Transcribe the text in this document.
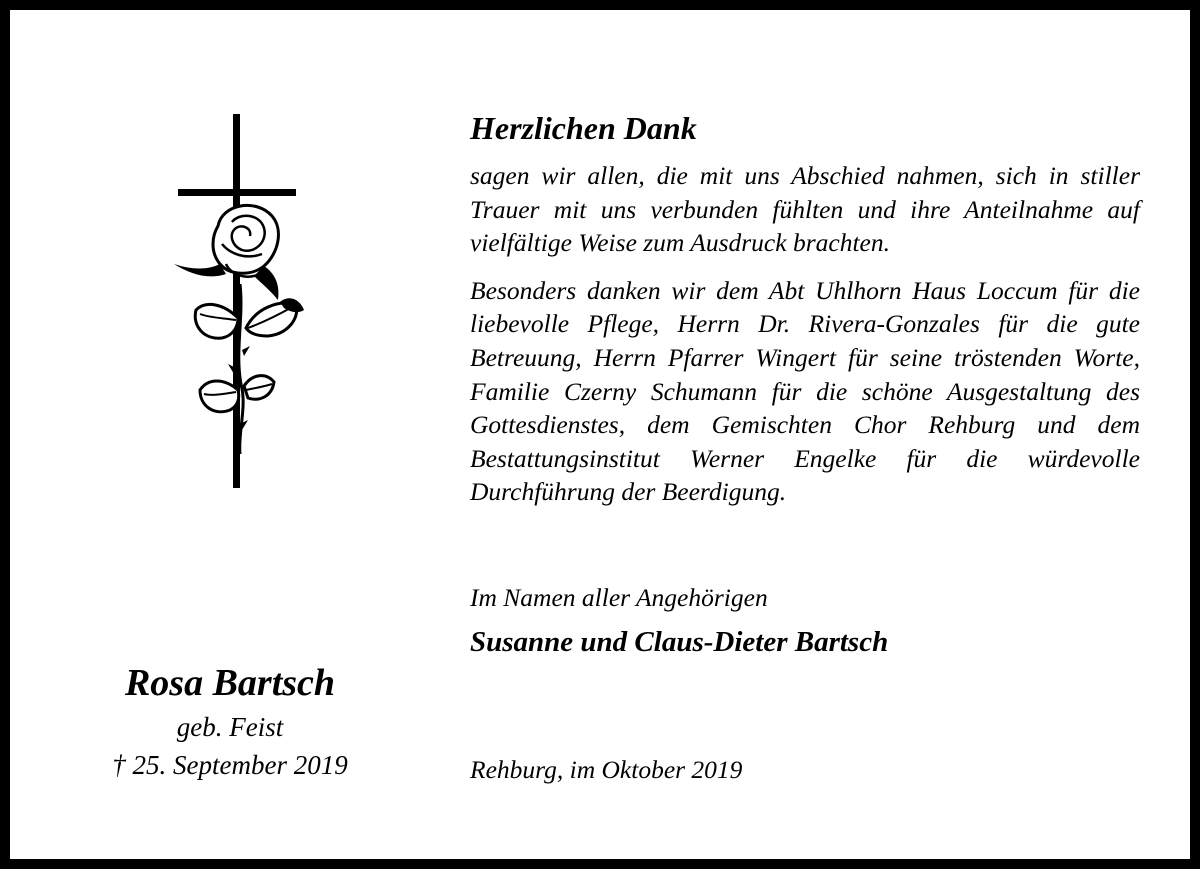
Rosa Bartsch

geb. Feist

† 25. September 2019

Herzlichen Dank

sagen wir allen, die mit uns Abschied nahmen, sich in stiller Trauer mit uns verbunden fühlten und ihre Anteilnahme auf vielfältige Weise zum Ausdruck brachten.

Besonders danken wir dem Abt Uhlhorn Haus Loccum für die liebevolle Pflege, Herrn Dr. Rivera-Gonzales für die gute Betreuung, Herrn Pfarrer Wingert für seine tröstenden Worte, Familie Czerny Schumann für die schöne Ausgestaltung des Gottesdienstes, dem Gemischten Chor Rehburg und dem Bestattungsinstitut Werner Engelke für die würdevolle Durchführung der Beerdigung.

Im Namen aller Angehörigen

Susanne und Claus-Dieter Bartsch

Rehburg, im Oktober 2019
